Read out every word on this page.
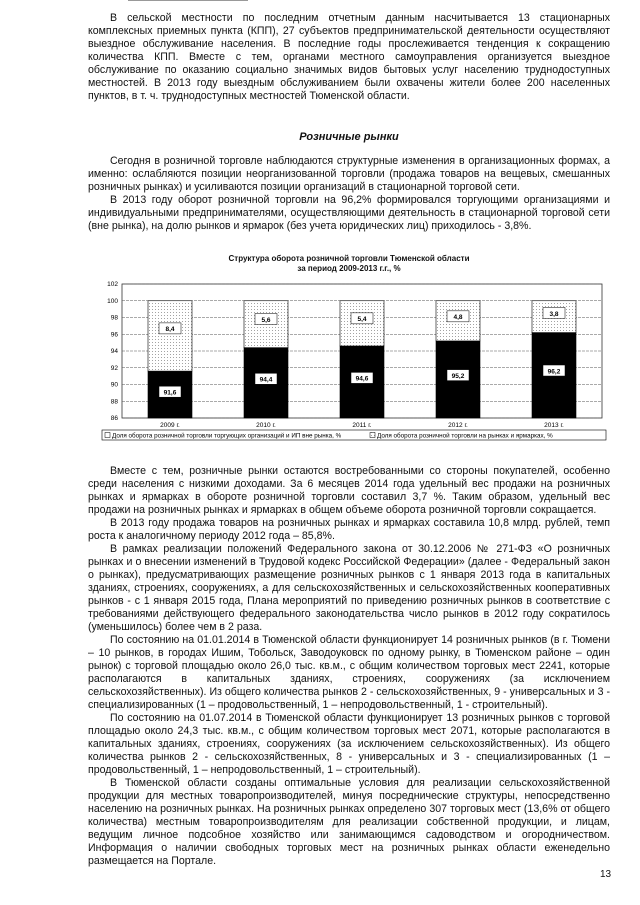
В сельской местности по последним отчетным данным насчитывается 13 стационарных комплексных приемных пункта (КПП), 27 субъектов предпринимательской деятельности осуществляют выездное обслуживание населения. В последние годы прослеживается тенденция к сокращению количества КПП. Вместе с тем, органами местного самоуправления организуется выездное обслуживание по оказанию социально значимых видов бытовых услуг населению труднодоступных местностей. В 2013 году выездным обслуживанием были охвачены жители более 200 населенных пунктов, в т. ч. труднодоступных местностей Тюменской области.

Розничные рынки

Сегодня в розничной торговле наблюдаются структурные изменения в организационных формах, а именно: ослабляются позиции неорганизованной торговли (продажа товаров на вещевых, смешанных розничных рынках) и усиливаются позиции организаций в стационарной торговой сети.

В 2013 году оборот розничной торговли на 96,2% формировался торгующими организациями и индивидуальными предпринимателями, осуществляющими деятельность в стационарной торговой сети (вне рынка), на долю рынков и ярмарок (без учета юридических лиц) приходилось - 3,8%.

Структура оборота розничной торговли Тюменской области
за период 2009-2013 г.г., %
86
88
90
92
94
96
98
100
102
91,6
8,4
94,4
5,6
94,6
5,4
95,2
4,8
96,2
3,8
2009 г.	2010 г.	2011 г.	2012 г.	2013 г.
Доля оборота розничной торговли торгующих организаций и ИП вне рынка, %	Доля оборота розничной торговли на рынках и ярмарках, %

Вместе с тем, розничные рынки остаются востребованными со стороны покупателей, особенно среди населения с низкими доходами. За 6 месяцев 2014 года удельный вес продажи на розничных рынках и ярмарках в обороте розничной торговли составил 3,7 %. Таким образом, удельный вес продажи на розничных рынках и ярмарках в общем объеме оборота розничной торговли сокращается.

В 2013 году продажа товаров на розничных рынках и ярмарках составила 10,8 млрд. рублей, темп роста к аналогичному периоду 2012 года – 85,8%.

В рамках реализации положений Федерального закона от 30.12.2006 № 271-ФЗ «О розничных рынках и о внесении изменений в Трудовой кодекс Российской Федерации» (далее - Федеральный закон о рынках), предусматривающих размещение розничных рынков с 1 января 2013 года в капитальных зданиях, строениях, сооружениях, а для сельскохозяйственных и сельскохозяйственных кооперативных рынков - с 1 января 2015 года, Плана мероприятий по приведению розничных рынков в соответствие с требованиями действующего федерального законодательства число рынков в 2012 году сократилось (уменьшилось) более чем в 2 раза.

По состоянию на 01.01.2014 в Тюменской области функционирует 14 розничных рынков (в г. Тюмени – 10 рынков, в городах Ишим, Тобольск, Заводоуковск по одному рынку, в Тюменском районе – один рынок) с торговой площадью около 26,0 тыс. кв.м., с общим количеством торговых мест 2241, которые располагаются в капитальных зданиях, строениях, сооружениях (за исключением сельскохозяйственных). Из общего количества рынков 2 - сельскохозяйственных, 9 - универсальных и 3 - специализированных (1 – продовольственный, 1 – непродовольственный, 1 - строительный).

По состоянию на 01.07.2014 в Тюменской области функционирует 13 розничных рынков с торговой площадью около 24,3 тыс. кв.м., с общим количеством торговых мест 2071, которые располагаются в капитальных зданиях, строениях, сооружениях (за исключением сельскохозяйственных). Из общего количества рынков 2 - сельскохозяйственных, 8 - универсальных и 3 - специализированных (1 – продовольственный, 1 – непродовольственный, 1 – строительный).

В Тюменской области созданы оптимальные условия для реализации сельскохозяйственной продукции для местных товаропроизводителей, минуя посреднические структуры, непосредственно населению на розничных рынках. На розничных рынках определено 307 торговых мест (13,6% от общего количества) местным товаропроизводителям для реализации собственной продукции, и лицам, ведущим личное подсобное хозяйство или занимающимся садоводством и огородничеством. Информация о наличии свободных торговых мест на розничных рынках области еженедельно размещается на Портале.

13
